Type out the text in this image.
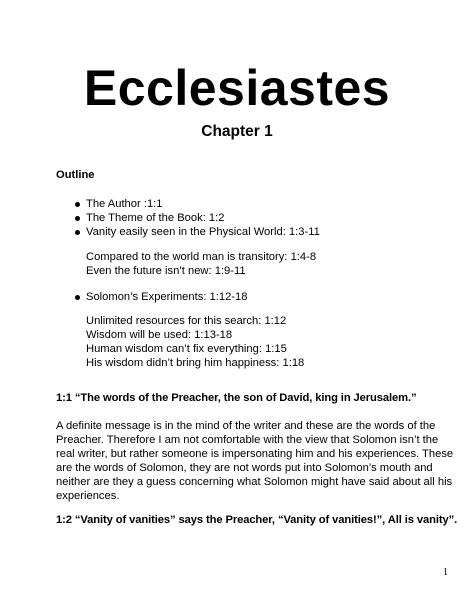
Ecclesiastes
Chapter 1
Outline
The Author :1:1
The Theme of the Book: 1:2
Vanity easily seen in the Physical World: 1:3-11
Compared to the world man is transitory: 1:4-8
Even the future isn’t new: 1:9-11
Solomon’s Experiments: 1:12-18
Unlimited resources for this search: 1:12
Wisdom will be used: 1:13-18
Human wisdom can’t fix everything: 1:15
His wisdom didn’t bring him happiness: 1:18
1:1 “The words of the Preacher, the son of David, king in Jerusalem.”
A definite message is in the mind of the writer and these are the words of the
Preacher. Therefore I am not comfortable with the view that Solomon isn’t the
real writer, but rather someone is impersonating him and his experiences. These
are the words of Solomon, they are not words put into Solomon’s mouth and
neither are they a guess concerning what Solomon might have said about all his
experiences.
1:2 “Vanity of vanities” says the Preacher, “Vanity of vanities!”, All is vanity”.
1
